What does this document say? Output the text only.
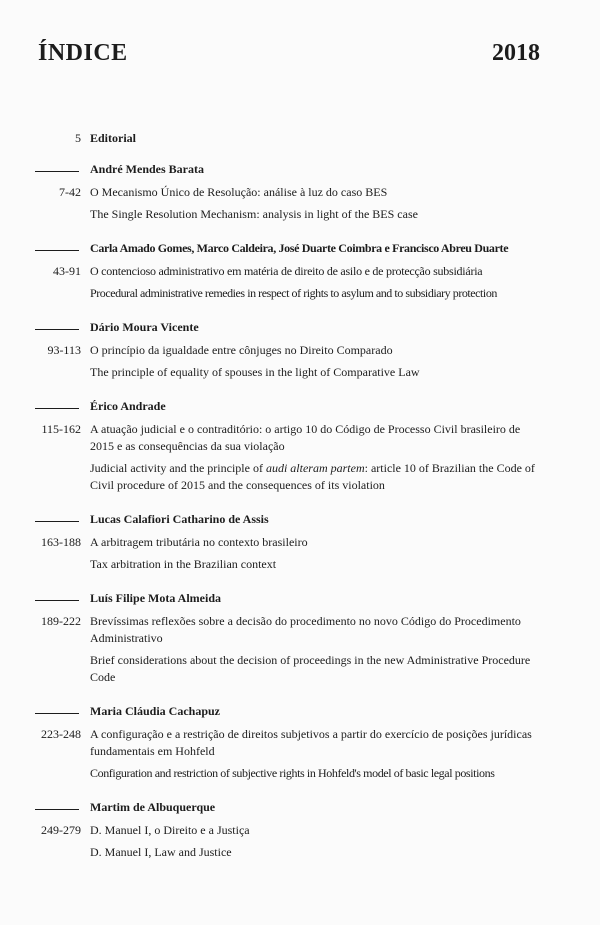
ÍNDICE	2018
5 Editorial
André Mendes Barata
7-42 O Mecanismo Único de Resolução: análise à luz do caso BES
The Single Resolution Mechanism: analysis in light of the BES case
Carla Amado Gomes, Marco Caldeira, José Duarte Coimbra e Francisco Abreu Duarte
43-91 O contencioso administrativo em matéria de direito de asilo e de protecção subsidiária
Procedural administrative remedies in respect of rights to asylum and to subsidiary protection
Dário Moura Vicente
93-113 O princípio da igualdade entre cônjuges no Direito Comparado
The principle of equality of spouses in the light of Comparative Law
Érico Andrade
115-162 A atuação judicial e o contraditório: o artigo 10 do Código de Processo Civil brasileiro de 2015 e as consequências da sua violação
Judicial activity and the principle of audi alteram partem: article 10 of Brazilian the Code of Civil procedure of 2015 and the consequences of its violation
Lucas Calafiori Catharino de Assis
163-188 A arbitragem tributária no contexto brasileiro
Tax arbitration in the Brazilian context
Luís Filipe Mota Almeida
189-222 Brevíssimas reflexões sobre a decisão do procedimento no novo Código do Procedimento Administrativo
Brief considerations about the decision of proceedings in the new Administrative Procedure Code
Maria Cláudia Cachapuz
223-248 A configuração e a restrição de direitos subjetivos a partir do exercício de posições jurídicas fundamentais em Hohfeld
Configuration and restriction of subjective rights in Hohfeld's model of basic legal positions
Martim de Albuquerque
249-279 D. Manuel I, o Direito e a Justiça
D. Manuel I, Law and Justice
